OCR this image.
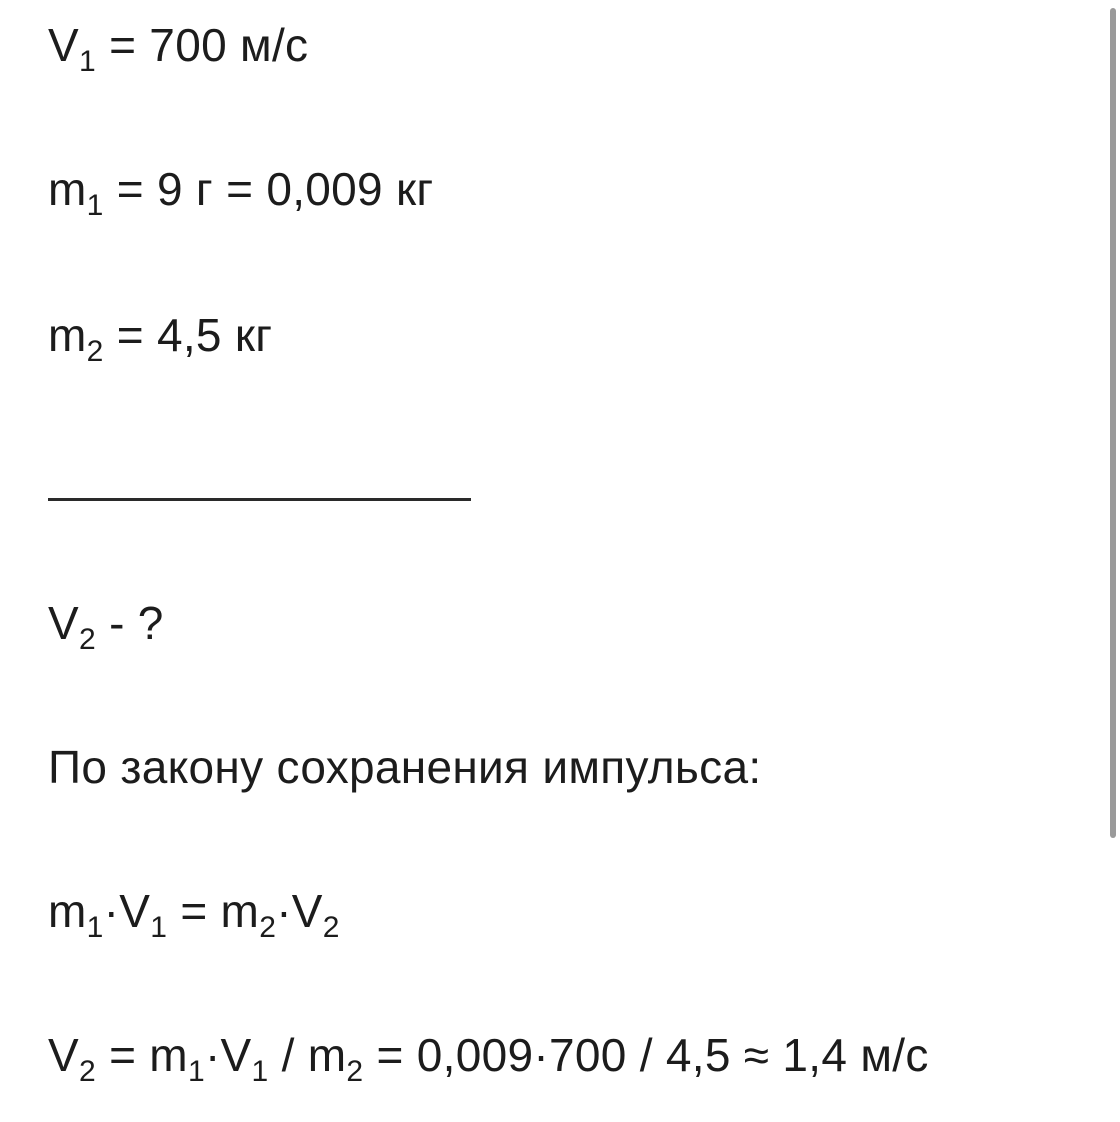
$V_1 = 700$ м/с
$m_1 = 9$ г = 0,009 кг
$m_2 = 4,5$ кг
$V_2$ - ?
По закону сохранения импульса:
$m_1\cdot V_1 = m_2\cdot V_2$
$V_2 = m_1\cdot V_1 / m_2 = 0,009\cdot 700 / 4,5 \approx 1,4$ м/с
